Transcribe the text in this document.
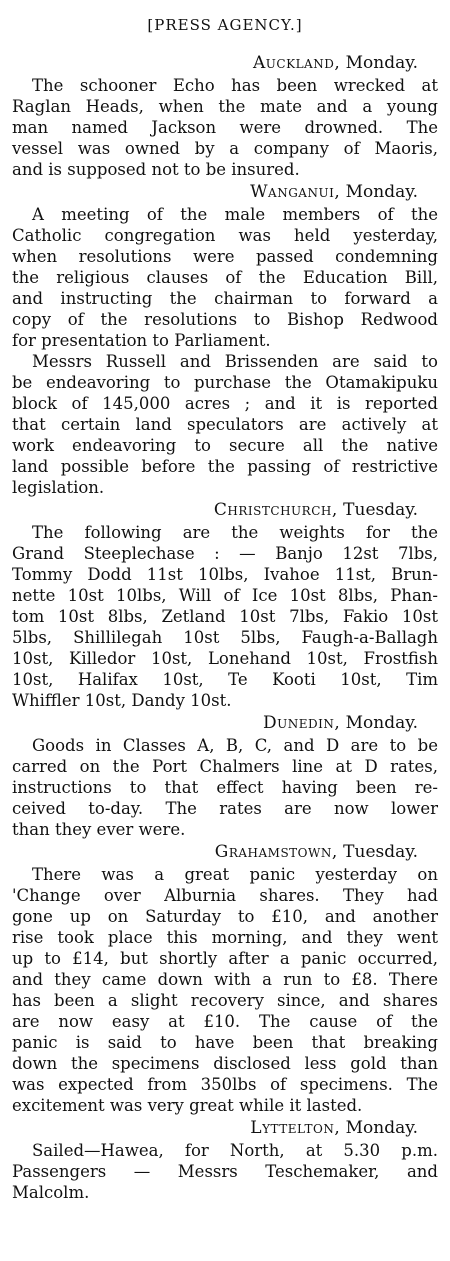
[PRESS AGENCY.]
Auckland, Monday.
The schooner Echo has been wrecked at
Raglan Heads, when the mate and a young
man named Jackson were drowned. The
vessel was owned by a company of Maoris,
and is supposed not to be insured.
Wanganui, Monday.
A meeting of the male members of the
Catholic congregation was held yesterday,
when resolutions were passed condemning
the religious clauses of the Education Bill,
and instructing the chairman to forward a
copy of the resolutions to Bishop Redwood
for presentation to Parliament.
Messrs Russell and Brissenden are said to
be endeavoring to purchase the Otamakipuku
block of 145,000 acres ; and it is reported
that certain land speculators are actively at
work endeavoring to secure all the native
land possible before the passing of restrictive
legislation.
Christchurch, Tuesday.
The following are the weights for the
Grand Steeplechase : — Banjo 12st 7lbs,
Tommy Dodd 11st 10lbs, Ivahoe 11st, Brun-
nette 10st 10lbs, Will of Ice 10st 8lbs, Phan-
tom 10st 8lbs, Zetland 10st 7lbs, Fakio 10st
5lbs, Shillilegah 10st 5lbs, Faugh-a-Ballagh
10st, Killedor 10st, Lonehand 10st, Frostfish
10st, Halifax 10st, Te Kooti 10st, Tim
Whiffler 10st, Dandy 10st.
Dunedin, Monday.
Goods in Classes A, B, C, and D are to be
carred on the Port Chalmers line at D rates,
instructions to that effect having been re-
ceived to-day. The rates are now lower
than they ever were.
Grahamstown, Tuesday.
There was a great panic yesterday on
'Change over Alburnia shares. They had
gone up on Saturday to £10, and another
rise took place this morning, and they went
up to £14, but shortly after a panic occurred,
and they came down with a run to £8. There
has been a slight recovery since, and shares
are now easy at £10. The cause of the
panic is said to have been that breaking
down the specimens disclosed less gold than
was expected from 350lbs of specimens. The
excitement was very great while it lasted.
Lyttelton, Monday.
Sailed—Hawea, for North, at 5.30 p.m.
Passengers — Messrs Teschemaker, and
Malcolm.
